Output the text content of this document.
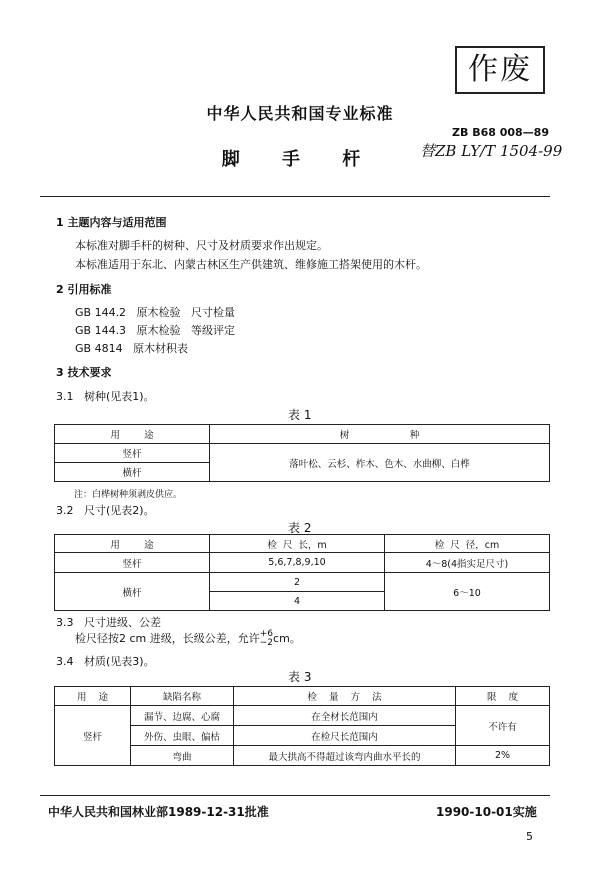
作废
中华人民共和国专业标准
ZB B68 008—89
替ZB LY/T 1504-99
脚 手 杆
1 主题内容与适用范围
本标准对脚手杆的树种、尺寸及材质要求作出规定。
本标准适用于东北、内蒙古林区生产供建筑、维修施工搭架使用的木杆。
2 引用标准
GB 144.2   原木检验   尺寸检量
GB 144.3   原木检验   等级评定
GB 4814   原木材积表
3 技术要求
3.1   树种(见表1)。
表 1
用        途	树                    种
竖杆	落叶松、云杉、柞木、色木、水曲柳、白桦
横杆	
注：白桦树种须剥皮供应。
3.2   尺寸(见表2)。
表 2
用        途	检  尺  长，m	检  尺  径，cm
竖杆	5,6,7,8,9,10	4～8(4指实足尺寸)
横杆	2	6～10
	4	
3.3   尺寸进级、公差
检尺径按2 cm 进级，长级公差，允许 +6
−2 cm。
3.4   材质(见表3)。
表 3
用    途	缺陷名称	检    量    方    法	限    度
竖杆	漏节、边腐、心腐	在全材长范围内	不许有
	外伤、虫眼、偏枯	在检尺长范围内	
	弯曲	最大拱高不得超过该弯内曲水平长的	2%
中华人民共和国林业部1989-12-31批准	1990-10-01实施
5
